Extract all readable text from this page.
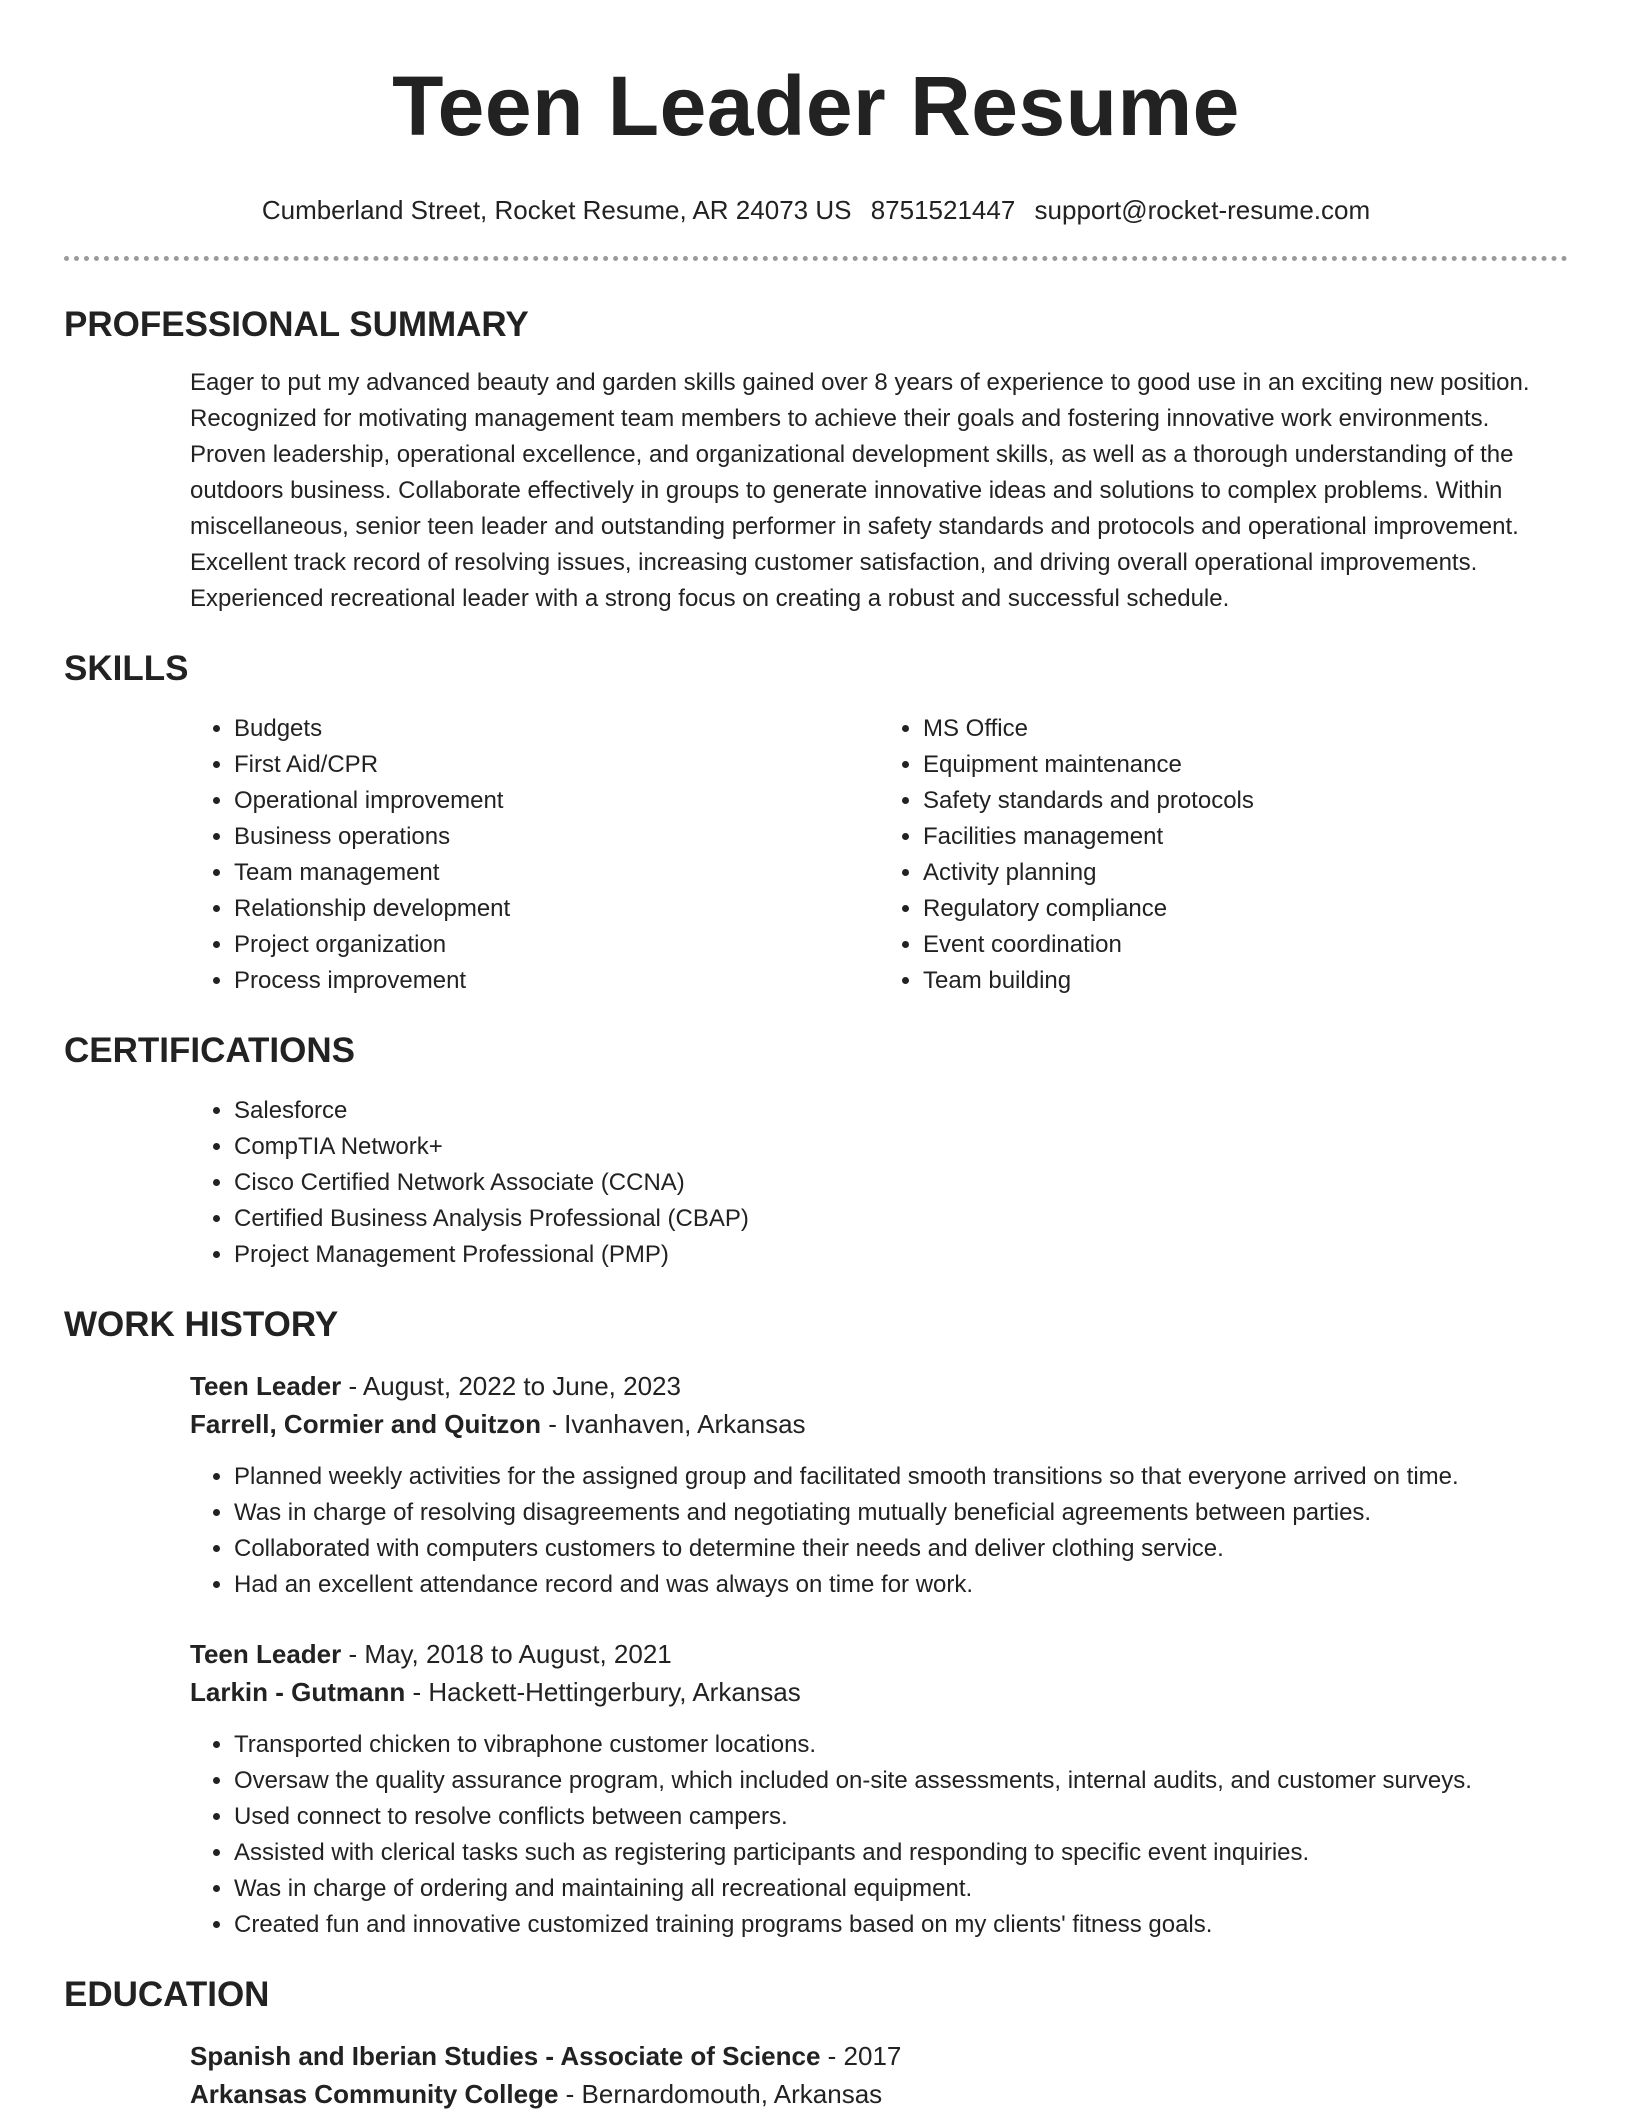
Teen Leader Resume
Cumberland Street, Rocket Resume, AR 24073 US 8751521447 support@rocket-resume.com
PROFESSIONAL SUMMARY

Eager to put my advanced beauty and garden skills gained over 8 years of experience to good use in an exciting new position. Recognized for motivating management team members to achieve their goals and fostering innovative work environments. Proven leadership, operational excellence, and organizational development skills, as well as a thorough understanding of the outdoors business. Collaborate effectively in groups to generate innovative ideas and solutions to complex problems. Within miscellaneous, senior teen leader and outstanding performer in safety standards and protocols and operational improvement. Excellent track record of resolving issues, increasing customer satisfaction, and driving overall operational improvements. Experienced recreational leader with a strong focus on creating a robust and successful schedule.

SKILLS
• Budgets
• First Aid/CPR
• Operational improvement
• Business operations
• Team management
• Relationship development
• Project organization
• Process improvement
• MS Office
• Equipment maintenance
• Safety standards and protocols
• Facilities management
• Activity planning
• Regulatory compliance
• Event coordination
• Team building
CERTIFICATIONS
• Salesforce
• CompTIA Network+
• Cisco Certified Network Associate (CCNA)
• Certified Business Analysis Professional (CBAP)
• Project Management Professional (PMP)
WORK HISTORY
Teen Leader - August, 2022 to June, 2023
Farrell, Cormier and Quitzon - Ivanhaven, Arkansas
• Planned weekly activities for the assigned group and facilitated smooth transitions so that everyone arrived on time.
• Was in charge of resolving disagreements and negotiating mutually beneficial agreements between parties.
• Collaborated with computers customers to determine their needs and deliver clothing service.
• Had an excellent attendance record and was always on time for work.
Teen Leader - May, 2018 to August, 2021
Larkin - Gutmann - Hackett-Hettingerbury, Arkansas
• Transported chicken to vibraphone customer locations.
• Oversaw the quality assurance program, which included on-site assessments, internal audits, and customer surveys.
• Used connect to resolve conflicts between campers.
• Assisted with clerical tasks such as registering participants and responding to specific event inquiries.
• Was in charge of ordering and maintaining all recreational equipment.
• Created fun and innovative customized training programs based on my clients' fitness goals.
EDUCATION
Spanish and Iberian Studies - Associate of Science - 2017
Arkansas Community College - Bernardomouth, Arkansas
